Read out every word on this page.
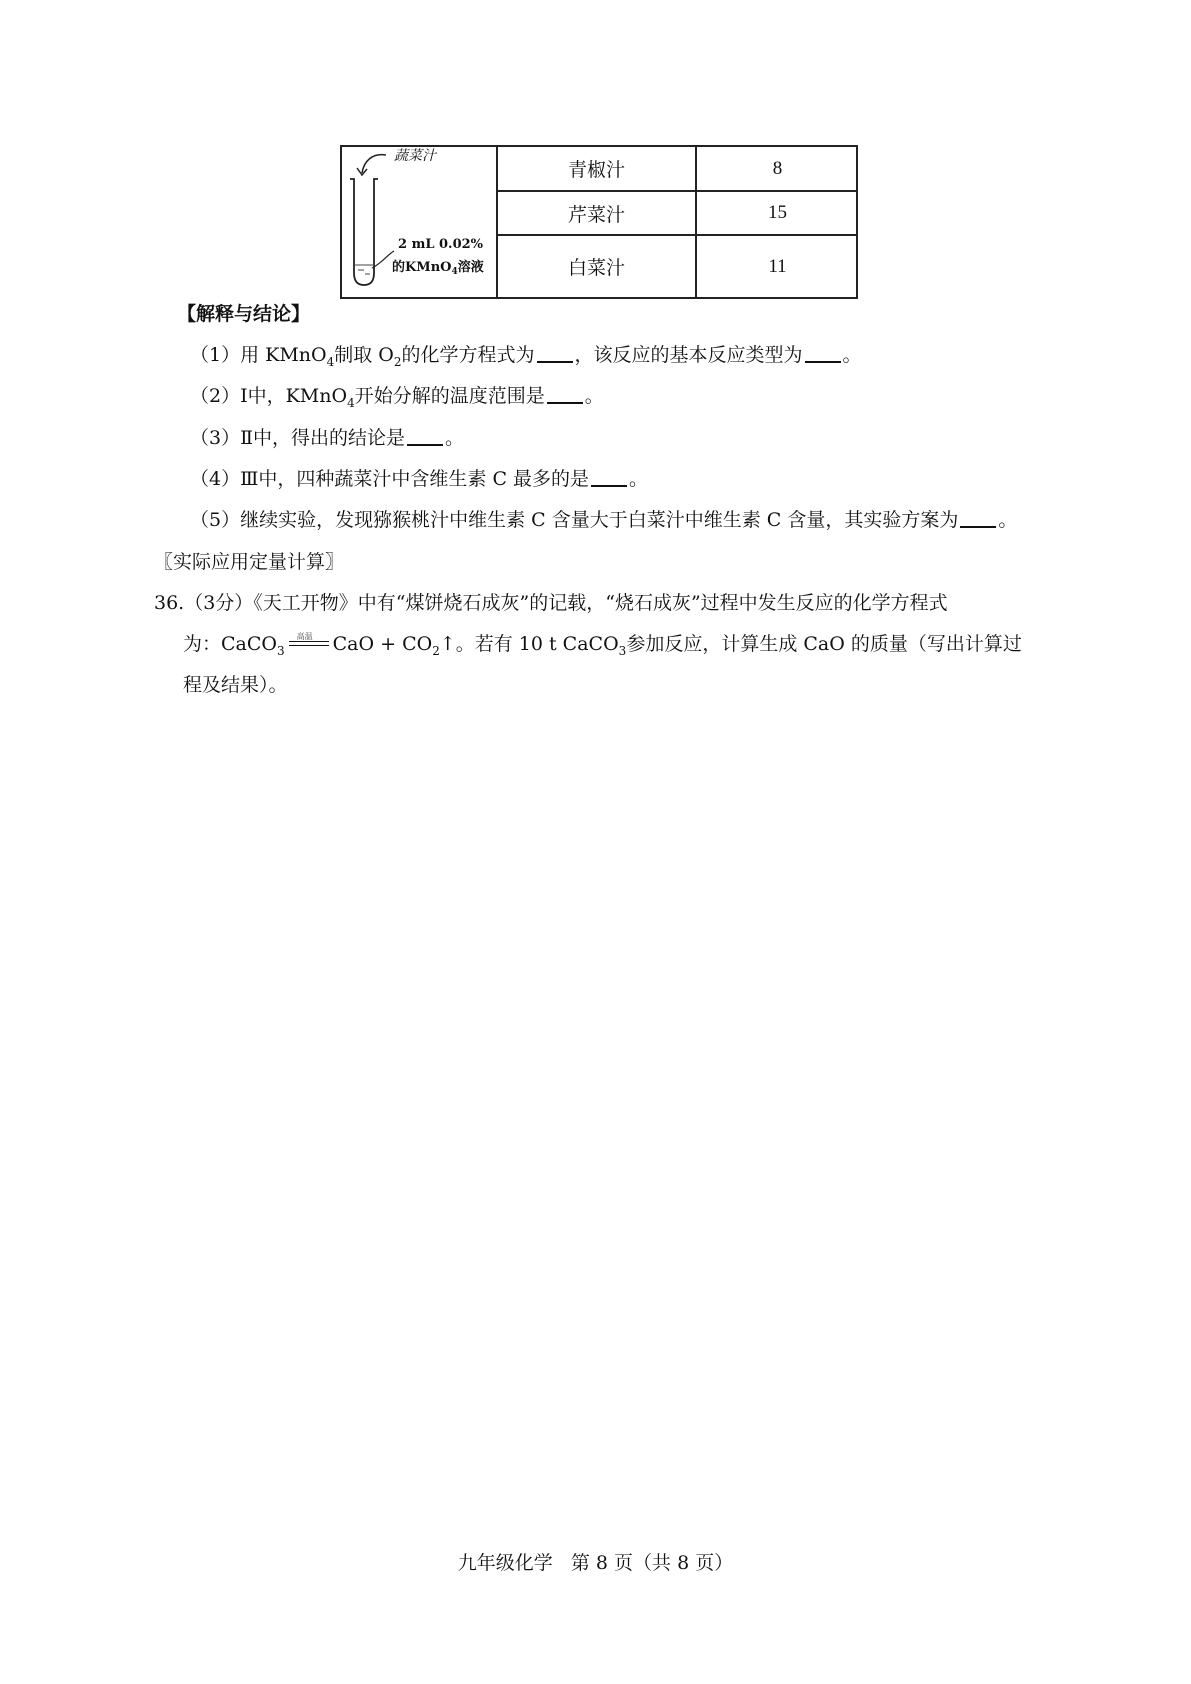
蔬菜汁
2 mL 0.02%
的KMnO$_4$溶液
青椒汁	8
芹菜汁	15
白菜汁	11
【解释与结论】
（1）用 KMnO$_4$制取 $O_2$的化学方程式为 ，该反应的基本反应类型为 。
（2）Ⅰ中，KMnO$_4$开始分解的温度范围是 。
（3）Ⅱ中，得出的结论是 。
（4）Ⅲ中，四种蔬菜汁中含维生素 C 最多的是 。
（5）继续实验，发现猕猴桃汁中维生素 C 含量大于白菜汁中维生素 C 含量，其实验方案为 。
〖实际应用定量计算〗
36.（3分）《天工开物》中有“煤饼烧石成灰”的记载，“烧石成灰”过程中发生反应的化学方程式
为：CaCO$_3$
高温 CaO + $CO_2↑$。若有 10 t CaCO$_3$参加反应，计算生成 CaO 的质量（写出计算过
程及结果）。
九年级化学   第 8 页（共 8 页）
